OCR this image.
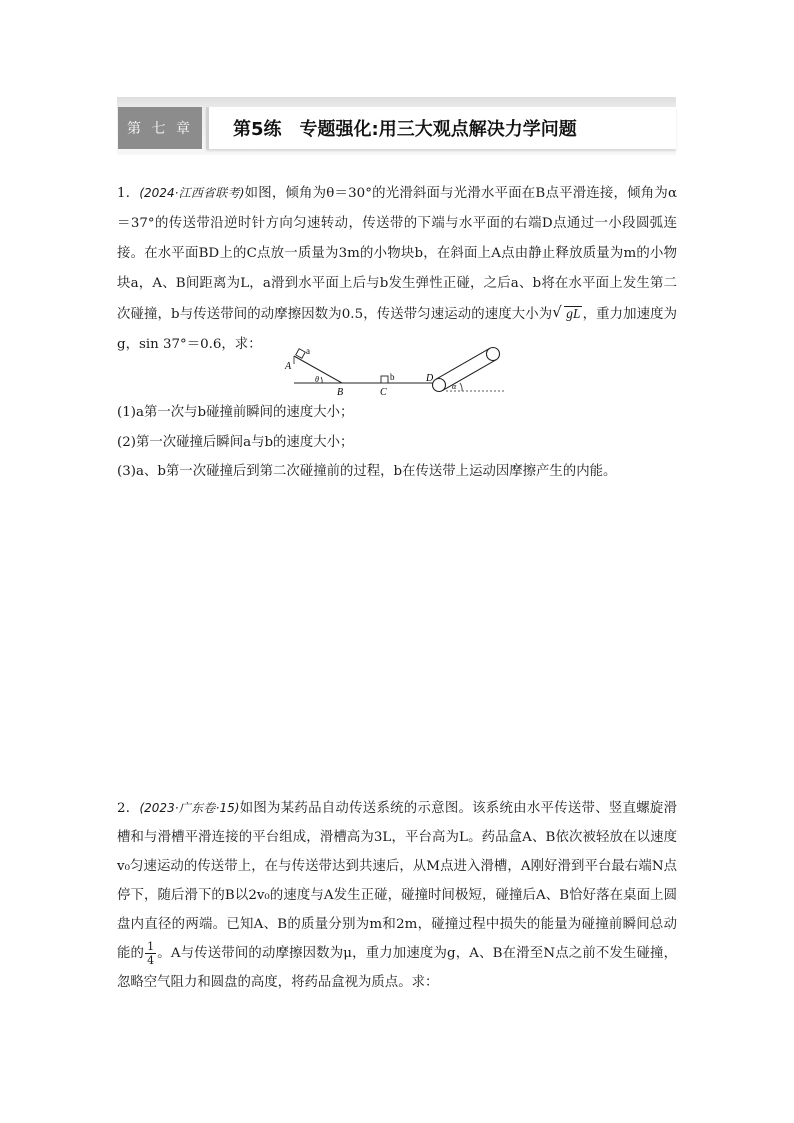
第 七 章	第5练 专题强化:用三大观点解决力学问题
1．(2024·江西省联考)如图，倾角为θ＝30°的光滑斜面与光滑水平面在B点平滑连接，倾角为α＝37°的传送带沿逆时针方向匀速转动，传送带的下端与水平面的右端D点通过一小段圆弧连接。在水平面BD上的C点放一质量为3m的小物块b，在斜面上A点由静止释放质量为m的小物块a，A、B间距离为L，a滑到水平面上后与b发生弹性正碰，之后a、b将在水平面上发生第二次碰撞，b与传送带间的动摩擦因数为0.5，传送带匀速运动的速度大小为√ gL ，重力加速度为g，sin 37°＝0.6，求：
A
a
θ
B	C
b	D
α
(1)a第一次与b碰撞前瞬间的速度大小；
(2)第一次碰撞后瞬间a与b的速度大小；
(3)a、b第一次碰撞后到第二次碰撞前的过程，b在传送带上运动因摩擦产生的内能。
2．(2023·广东卷·15)如图为某药品自动传送系统的示意图。该系统由水平传送带、竖直螺旋滑槽和与滑槽平滑连接的平台组成，滑槽高为3L，平台高为L。药品盒A、B依次被轻放在以速度v₀匀速运动的传送带上，在与传送带达到共速后，从M点进入滑槽，A刚好滑到平台最右端N点停下，随后滑下的B以2v₀的速度与A发生正碰，碰撞时间极短，碰撞后A、B恰好落在桌面上圆盘内直径的两端。已知A、B的质量分别为m和2m，碰撞过程中损失的能量为碰撞前瞬间总动能的 $\frac{1}{4}$ 。A与传送带间的动摩擦因数为μ，重力加速度为g，A、B在滑至N点之前不发生碰撞，忽略空气阻力和圆盘的高度，将药品盒视为质点。求：
